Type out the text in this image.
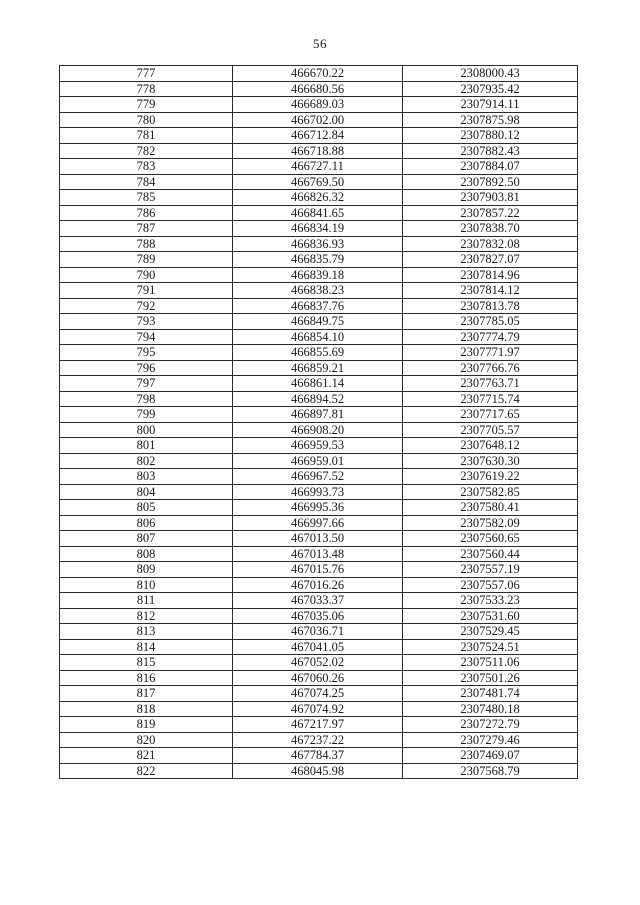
56
777	466670.22	2308000.43
778	466680.56	2307935.42
779	466689.03	2307914.11
780	466702.00	2307875.98
781	466712.84	2307880.12
782	466718.88	2307882.43
783	466727.11	2307884.07
784	466769.50	2307892.50
785	466826.32	2307903.81
786	466841.65	2307857.22
787	466834.19	2307838.70
788	466836.93	2307832.08
789	466835.79	2307827.07
790	466839.18	2307814.96
791	466838.23	2307814.12
792	466837.76	2307813.78
793	466849.75	2307785.05
794	466854.10	2307774.79
795	466855.69	2307771.97
796	466859.21	2307766.76
797	466861.14	2307763.71
798	466894.52	2307715.74
799	466897.81	2307717.65
800	466908.20	2307705.57
801	466959.53	2307648.12
802	466959.01	2307630.30
803	466967.52	2307619.22
804	466993.73	2307582.85
805	466995.36	2307580.41
806	466997.66	2307582.09
807	467013.50	2307560.65
808	467013.48	2307560.44
809	467015.76	2307557.19
810	467016.26	2307557.06
811	467033.37	2307533.23
812	467035.06	2307531.60
813	467036.71	2307529.45
814	467041.05	2307524.51
815	467052.02	2307511.06
816	467060.26	2307501.26
817	467074.25	2307481.74
818	467074.92	2307480.18
819	467217.97	2307272.79
820	467237.22	2307279.46
821	467784.37	2307469.07
822	468045.98	2307568.79
